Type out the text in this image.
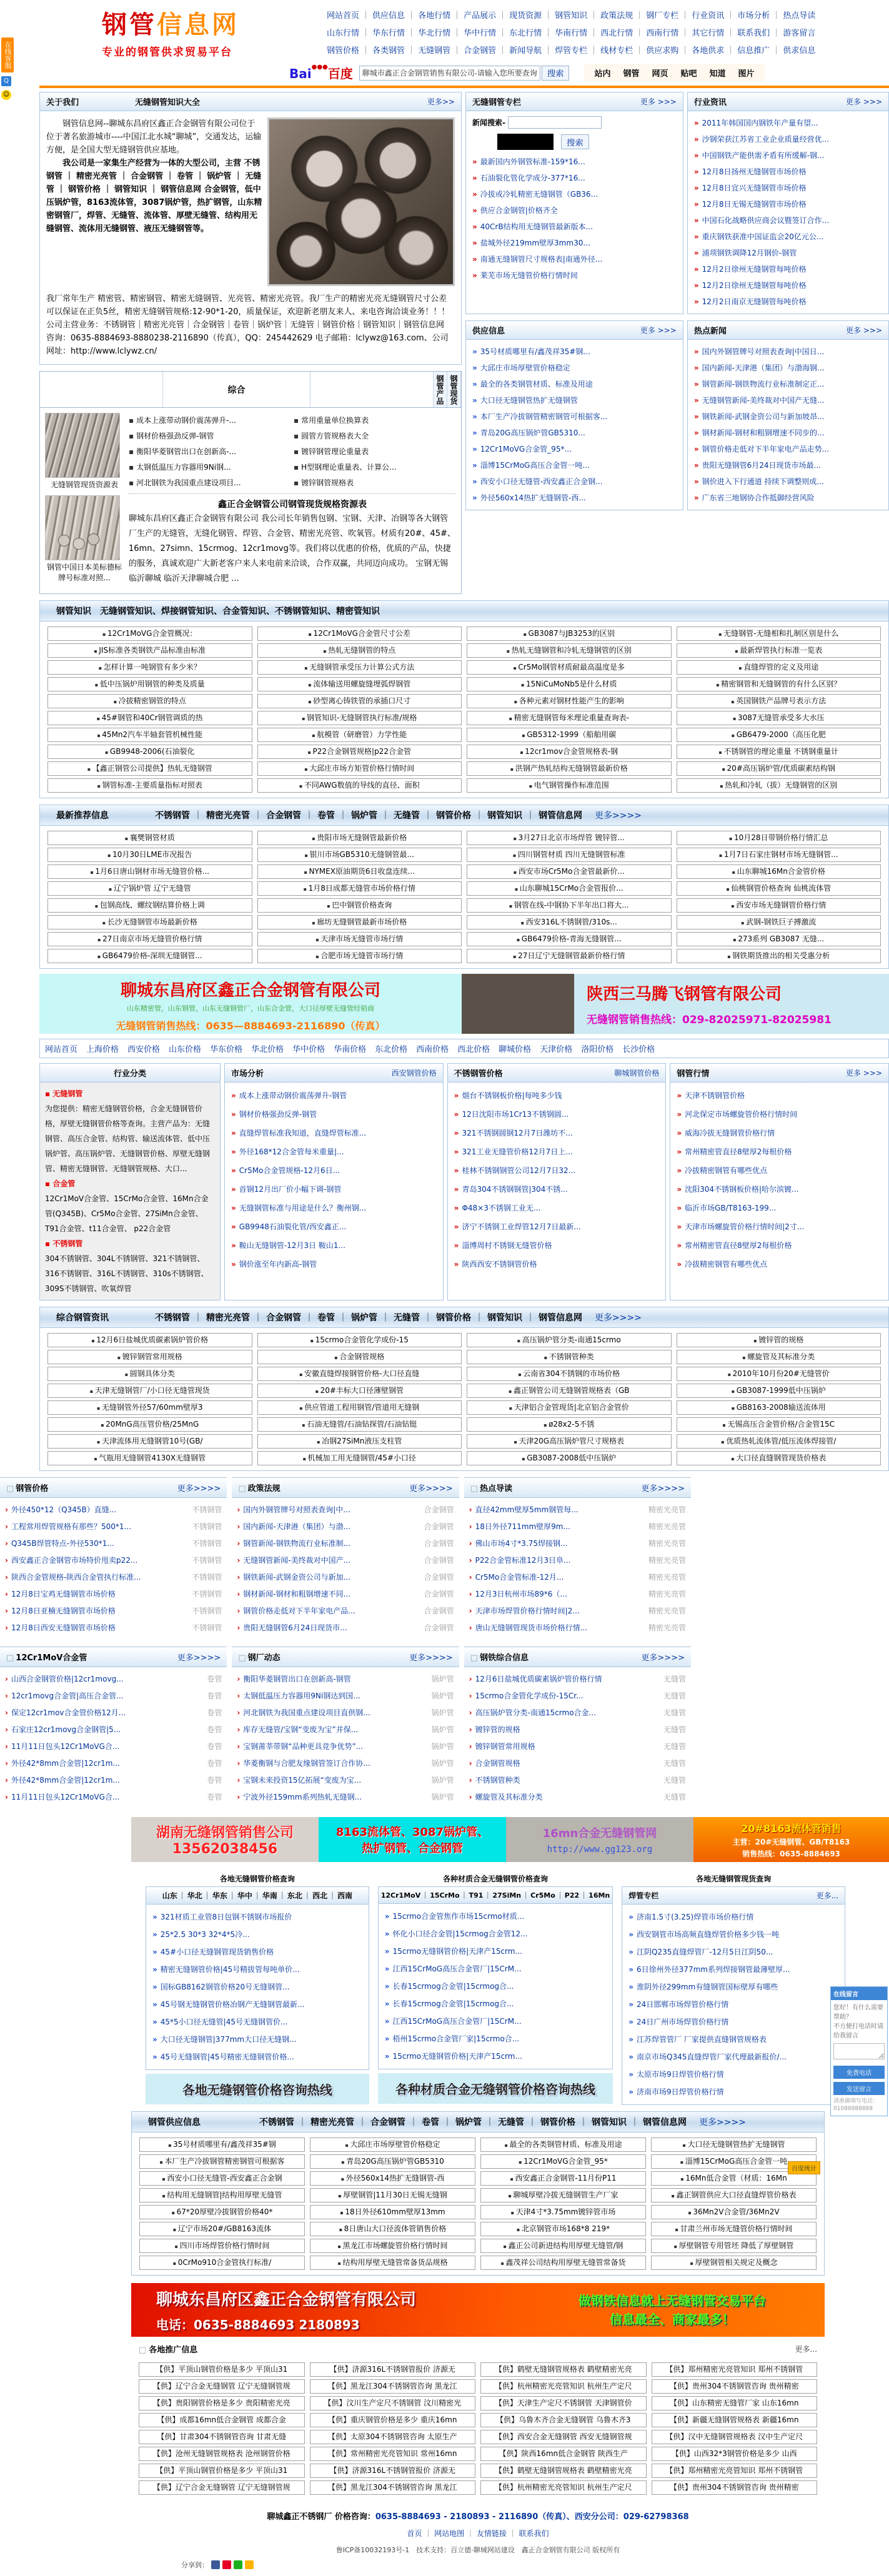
在线客服
Q
☺
钢管信息网
专业的钢管供求贸易平台
网站首页 ｜ 供应信息 ｜ 各地行情 ｜ 产品展示 ｜ 现货资源 ｜ 钢管知识 ｜ 政策法规 ｜ 钢厂专栏 ｜ 行业资讯 ｜ 市场分析 ｜ 热点导读
山东行情 ｜ 华东行情 ｜ 华北行情 ｜ 华中行情 ｜ 东北行情 ｜ 华南行情 ｜ 西北行情 ｜ 西南行情 ｜ 其它行情 ｜ 联系我们 ｜ 游客留言
钢管价格 ｜ 各类钢管 ｜ 无缝钢管 ｜ 合金钢管 ｜ 新闻导航 ｜ 焊管专栏 ｜ 线材专栏 ｜ 供应求购 ｜ 各地供求 ｜ 信息推广 ｜ 供求信息
Bai●●●百度
聊城市鑫正合金钢管销售有限公司-请输入您所要查询的关键字	搜索	站内	钢管	网页	贴吧	知道	图片
关于我们	无缝钢管知识大全	更多>>

钢管信息网--聊城东昌府区鑫正合金钢管有限公司位于位于著名旅游城市----中国江北水城“聊城”，交通发达，运输方便，是全国大型无缝钢管供应基地。

我公司是一家集生产经营为一体的大型公司，主营 不锈钢管 ｜ 精密光亮管 ｜ 合金钢管 ｜ 卷管 ｜ 锅炉管 ｜ 无缝管 ｜ 钢管价格 ｜ 钢管知识 ｜ 钢管信息网 合金钢管，低中压锅炉管，8163流体管，3087锅炉管，热扩钢管，山东精密钢管厂，焊管、无缝管、流体管、厚壁无缝管、结构用无缝钢管、流体用无缝钢管、液压无缝钢管等。

我厂常年生产 精密管、精密钢管、精密无缝钢管、光亮管、精密光亮管。我厂生产的精密光亮无缝钢管尺寸公差可以保证在正负5丝，精密无缝钢管规格:12-90*1-20，质量保证，欢迎新老朋友来人、来电咨询洽谈业务！！！

公司主营业务：不锈钢管｜精密光亮管｜合金钢管｜卷管｜锅炉管｜无缝管｜钢管价格｜钢管知识｜钢管信息网 咨询：0635-8884693-8880238-2116890（传真），QQ：245442629 电子邮箱：lclywz@163.com、公司网址：http://www.lclywz.cn/

综合	钢管产品 钢管现货
无缝钢管现货资源表
钢管中国日本美标德标牌号标准对照...
▪ 成本上涨带动钢价震荡弹升-...
▪ 钢材价格强劲反弹-钢管
▪ 衡阳华菱钢管出口在创新高-...
▪ 太钢低温压力容器用9Ni钢...
▪ 河北钢铁为我国重点建设项目...
▪ 常用重量单位换算表
▪ 圆管方管规格表大全
▪ 镀锌钢管理论重量表
▪ H型钢理论重量表、计算公...
▪ 镀锌钢管规格表
鑫正合金钢管公司钢管现货规格资源表
聊城东昌府区鑫正合金钢管有限公司 我公司长年销售包钢、宝钢、天津、冶钢等各大钢管厂生产的无缝管，无缝化钢管、焊管、合金管、精密光亮管、吹氧管。材质有20#、45#、16mn、27simn、15crmog、12cr1movg等。我们将以优惠的价格，优质的产品，快捷的服务，真诚欢迎广大新老客户来人来电前来洽谈，合作双赢，共同迈向成功。 宝钢无锡临沂聊城 临沂天津聊城合肥 ...
无缝钢管专栏	更多 >>>
新闻搜索-
搜索
» 最新国内外钢管标准-159*16...
» 石油裂化管化学成分-377*16...
» 冷拔或冷轧精密无缝钢管（GB36...
» 供应合金钢管|价格齐全
» 40CrB结构用无缝钢管最新版本...
» 盐城外径219mm壁厚3mm30...
» 南通无缝钢管尺寸规格表|南通外径...
» 莱芜市场无缝管价格行情时间
行业资讯	更多 >>>
» 2011年韩国国内钢铁年产量有望...
» 沙钢荣获江苏省工业企业质量经营优...
» 中国钢铁产能供需矛盾有所缓解-钢...
» 12月8日扬州无缝钢管市场价格
» 12月8日宜兴无缝钢管市场价格
» 12月8日无锡无缝钢管市场价格
» 中国石化战略供应商会议暨签订合作...
» 重庆钢铁获准中国证监会20亿元公...
» 浦项钢铁调降12月钢价-钢管
» 12月2日徐州无缝钢管每吨价格
» 12月2日徐州无缝钢管每吨价格
» 12月2日南京无缝钢管每吨价格
供应信息	更多 >>>
» 35号材质哪里有/鑫茂祥35#钢...
» 大邱庄市场厚壁管价格稳定
» 最全的各类钢管材质、标准及用途
» 大口径无缝钢管热扩无缝钢管
» 本厂生产冷拔钢管精密钢管可根据客...
» 青岛20G高压锅炉管GB5310...
» 12Cr1MoVG合金管_95*...
» 淄博15CrMoG高压合金管一吨...
» 西安小口径无缝管-西安鑫正合金钢...
» 外径560x14热扩无缝钢管-西...
热点新闻	更多 >>>
» 国内外钢管牌号对照表查询|中国日...
» 国内新闻-天津港（集团）与渤海钢...
» 钢管新闻-钢铁物流行业标准制定正...
» 无缝钢管新闻-美终裁对中国产无缝...
» 钢铁新闻-武钢金资公司与新加坡昂...
» 钢材新闻-钢材和粗钢增速不同步的...
» 钢管价格走低对下半年家电产品走势...
» 贵阳无缝钢管6月24日现货市场最...
» 钢价进入下行通道 持续下调整则成...
» 广东省三地钢协合作抵御经营风险
钢管知识 无缝钢管知识、焊接钢管知识、合金管知识、不锈钢管知识、精密管知识
▪ 12Cr1MoVG合金管概况：	▪ 12Cr1MoVG合金管尺寸公差	▪ GB3087与JB3253的区别	▪ 无缝钢管-无缝相和扎制区别是什么
▪ JIS标准各类钢铁产品标准由标准	▪ 热轧无缝钢管的特点	▪ 热轧无缝钢管和冷轧无缝钢管的区别	▪ 最新焊管执行标准一览表
▪ 怎样计算一吨钢管有多少米？	▪ 无缝钢管承受压力计算公式方法	▪ Cr5Mo钢管材质耐最高温度是多	▪ 直缝焊管的定义及用途
▪ 低中压锅炉用钢管的种类及质量	▪ 流体输送用螺旋缝埋弧焊钢管	▪ 15NiCuMoNb5是什么材质	▪ 精密钢管和无缝钢管的有什么区别？
▪ 冷拔精密钢管的特点	▪ 砂型离心铸铁管的承插口尺寸	▪ 各种元素对钢材性能产生的影响	▪ 英国钢铁产品牌号表示方法
▪ 45#钢管和40Cr钢管调质的热	▪ 钢管知识-无缝钢管执行标准/规格	▪ 精密无缝钢管每米理论重量查询表-	▪ 3087无缝管承受多大水压
▪ 45Mn2汽车半轴套管机械性能	▪ 航模管（研磨管）力学性能	▪ GB5312-1999（船舶用碳	▪ GB6479-2000（高压化肥
▪ GB9948-2006(石油裂化	▪ P22合金钢管规格|p22合金管	▪ 12cr1mov合金管规格表-钢	▪ 不锈钢管的理论重量 不锈钢重量计
▪ 【鑫正钢管公司提供】热轧无缝钢管	▪ 大邱庄市场方矩管价格行情时间	▪ 洪钢产热轧结构无缝钢管最新价格	▪ 20#高压锅炉管/优质碳素结构钢
▪ 钢管标准-主要质量指标对照表	▪ 不同AWG数值的导线的直径、面积	▪ 电气钢管操作标准范围	▪ 热轧和冷轧（拔）无缝钢管的区别
最新推荐信息	不锈钢管	｜ 精密光亮管	｜ 合金钢管	｜ 卷管	｜ 锅炉管	｜ 无缝管	｜ 钢管价格	｜ 钢管知识	｜ 钢管信息网 更多>>>>
▪ 襄樊钢管材质	▪ 贵阳市场无缝钢管最新价格	▪ 3月27日北京市场焊管 镀锌管...	▪ 10月28日带钢价格行情汇总
▪ 10月30日LME市况报告	▪ 银川市场GB5310无缝钢管最...	▪ 四川钢管材质 四川无缝钢管标准	▪ 1月7日石家庄钢材市场无缝钢管...
▪ 1月6日唐山钢材市场无缝管价格...	▪ NYMEX原油期货6日收盘连续...	▪ 西安市场Cr5Mo合金管最新价...	▪ 山东聊城16Mn合金管价格
▪ 辽宁锅炉管 辽宁无缝管	▪ 1月8日成都无缝管市场价格行情	▪ 山东聊城15CrMo合金管报价...	▪ 仙桃钢管价格查询 仙桃流体管
▪ 包钢高线、螺纹钢结算价格上调	▪ 巴中钢管价格查询	▪ 钢管在线-中钢协下半年出口将大...	▪ 西安市场无缝钢管价格行情
▪ 长沙无缝钢管市场最新价格	▪ 廊坊无缝钢管最新市场价格	▪ 西安316L不锈钢管/310s...	▪ 武钢-钢铁巨子搏激流
▪ 27日南京市场无缝管价格行情	▪ 天津市场无缝管市场行情	▪ GB6479价格-青海无缝钢管...	▪ 273系列 GB3087 无缝...
▪ GB6479价格-深圳无缝钢管...	▪ 合肥市场无缝管市场行情	▪ 27日辽宁无缝钢管最新价格行情	▪ 钢铁期货推出的相关受惠分析
聊城东昌府区鑫正合金钢管有限公司
山东精密管，山东钢管，山东无缝钢管厂，山东合金管，大口径厚壁无缝管经销商
无缝钢管销售热线：0635—8884693-2116890（传真）
陕西三马腾飞钢管有限公司
无缝钢管销售热线：029-82025971-82025981
网站首页 上海价格 西安价格 山东价格 华东价格 华北价格 华中价格 华南价格 东北价格 西南价格 西北价格 聊城价格 天津价格 洛阳价格 长沙价格
行业分类
▪ 无缝钢管
为您提供：精密无缝钢管价格，合金无缝钢管价格，厚壁无缝钢管价格等查询。主营产品为：无缝钢管、高压合金管、结构管、输送流体管、低中压锅炉管、高压锅炉管、无缝钢管价格、厚壁无缝钢管、精密无缝钢管、无缝钢管规格、大口...
▪ 合金管
12Cr1MoV合金管、15CrMo合金管、16Mn合金管(Q345B)、Cr5Mo合金管、27SiMn合金管、T91合金管、t11合金管、 p22合金管
▪ 不锈钢管
304不锈钢管、304L不锈钢管、321不锈钢管、316不锈钢管、316L不锈钢管、310s不锈钢管、309S不锈钢管、吹氧焊管
市场分析	西安钢管价格
» 成本上涨带动钢价震荡弹升-钢管
» 钢材价格强劲反弹-钢管
» 直缝焊管标准我知道，直缝焊管标准...
» 外径168*12合金管每米重量|...
» Cr5Mo合金管规格-12月6日...
» 首钢12月出厂价小幅下调-钢管
» 无缝钢管标准与用途是什么？衡州钢...
» GB9948石油裂化管/西安鑫正...
» 鞍山无缝钢管-12月3日 鞍山1...
» 钢价涨至年内新高-钢管
不锈钢管价格	聊城钢管价格
» 烟台不锈钢板价格|每吨多少钱
» 12日沈阳市场1Cr13不锈钢圆...
» 321不锈钢圆钢12月7日潍坊不...
» 321工业无缝管价格12月7日上...
» 桂林不锈钢钢管公司12月7日32...
» 青岛304不锈钢钢管|304不锈...
» Φ48×3不锈钢工业无...
» 济宁不锈钢工业焊管12月7日最新...
» 淄博周村不锈钢无缝管价格
» 陕西西安不锈钢管价格
钢管行情	更多 >>>
» 天津不锈钢管价格
» 河北保定市场螺旋管价格行情时间
» 威海冷拔无缝钢管价格行情
» 常州精密管直径8壁厚2每根价格
» 冷拔精密钢管有哪些优点
» 沈阳304不锈钢板价格|哈尔滨镀...
» 临沂市场GB/T8163-199...
» 天津市场螺旋管价格行情时间|2寸...
» 常州精密管直径8壁厚2每根价格
» 冷拔精密钢管有哪些优点
综合钢管资讯	不锈钢管	｜ 精密光亮管	｜ 合金钢管	｜ 卷管	｜ 锅炉管	｜ 无缝管	｜ 钢管价格	｜ 钢管知识	｜ 钢管信息网 更多>>>>
▪ 12月6日盐城优质碳素锅炉管价格	▪ 15crmo合金管化学成份-15	▪ 高压锅炉管分类-南通15crmo	▪ 镀锌管的规格
▪ 镀锌钢管常用规格	▪ 合金钢管规格	▪ 不锈钢管种类	▪ 螺旋管及其标准分类
▪ 圆钢具体分类	▪ 安徽直缝焊接钢管价格-大口径直缝	▪ 云南省304不锈钢的市场价格	▪ 2010年10月份20#无缝管价
▪ 天津无缝钢管厂/小口径无缝管现货	▪ 20#丰标大口径薄壁钢管	▪ 鑫正钢管公司无缝钢管规格表（GB	▪ GB3087-1999低中压锅炉
▪ 无缝钢管外径57/60mm壁厚3	▪ 供应管道工程用钢管/管道用无缝钢	▪ 天津铝合金管现货|北京铝合金管价	▪ GB8163-2008输送流体用
▪ 20MnG高压管价格/25MnG	▪ 石油无缝管/石油钻探管/石油钻铤	▪ ø28x2-5不锈	▪ 无锡高压合金管价格/合金管15C
▪ 天津流体用无缝钢管10号(GB/	▪ 冶钢27SiMn液压支柱管	▪ 天津20G高压锅炉管尺寸规格表	▪ 优质热轧流体管/低压流体焊接管/
▪ 气瓶用无缝钢管4130X无缝钢管	▪ 机械加工用无缝钢管/45#小口径	▪ GB3087-2008低中压锅炉	▪ 大口径直缝钢管现货价格表
□ 钢管价格	更多>>>>
› 外径450*12（Q345B）直缝...	不锈钢管
› 工程常用焊管规格有那些？500*1...	不锈钢管
› Q345B焊管特点-外径530*1...	不锈钢管
› 西安鑫正合金钢管市场特价甩卖p22...	不锈钢管
› 陕西合金管规格-陕西合金管执行标准...	不锈钢管
› 12月8日宝鸡无缝钢管市场价格	不锈钢管
› 12月8日亚楠无缝钢管市场价格	不锈钢管
› 12月8日西安无缝钢管市场价格	不锈钢管
□ 政策法规	更多>>>>
› 国内外钢管牌号对照表查询|中...	合金钢管
› 国内新闻-天津港（集团）与渤...	合金钢管
› 钢管新闻-钢铁物流行业标准制...	合金钢管
› 无缝钢管新闻-美终裁对中国产...	合金钢管
› 钢铁新闻-武钢金资公司与新加...	合金钢管
› 钢材新闻-钢材和粗钢增速不同...	合金钢管
› 钢管价格走低对下半年家电产品...	合金钢管
› 贵阳无缝钢管6月24日现货市...	合金钢管
□ 热点导读	更多>>>>
› 直径42mm壁厚5mm钢管每...	精密光亮管
› 18日外径711mm壁厚9m...	精密光亮管
› 佛山市场4寸*3.75焊接钢...	精密光亮管
› P22合金管标准12月3日阜...	精密光亮管
› Cr5Mo合金管标准-12月...	精密光亮管
› 12月3日杭州市场89*6（...	精密光亮管
› 天津市场焊管价格行情时间|2...	精密光亮管
› 唐山无缝钢管现货市场价格行情...	精密光亮管
□ 12Cr1MoV合金管	更多>>>>
› 山西合金钢管价格|12cr1movg...	卷管
› 12cr1movg合金管|高压合金管...	卷管
› 保定12cr1mov合金管价格12月...	卷管
› 石家庄12cr1movg合金钢管|5...	卷管
› 11月11日包头12Cr1MoVG合...	卷管
› 外径42*8mm合金管|12cr1m...	卷管
› 外径42*8mm合金管|12cr1m...	卷管
› 11月11日包头12Cr1MoVG合...	卷管
□ 钢厂动态	更多>>>>
› 衡阳华菱钢管出口在创新高-钢管	锅炉管
› 太钢低温压力容器用9Ni钢达到国...	锅炉管
› 河北钢铁为我国重点建设项目直供钢...	锅炉管
› 库存无缝管/宝钢“变废为宝”并保...	锅炉管
› 宝钢莆莘带钢“品种更具竞争优势”...	锅炉管
› 华菱衡钢与合肥友缘钢管签订合作协...	锅炉管
› 宝钢未来投资15亿拓展“变废为宝...	锅炉管
› 宁波外径159mm系列热轧无缝钢...	锅炉管
□ 钢铁综合信息	更多>>>>
› 12月6日盐城优质碳素锅炉管价格行情	无缝管
› 15crmo合金管化学成份-15Cr...	无缝管
› 高压锅炉管分类-南通15crmo合金...	无缝管
› 镀锌管的规格	无缝管
› 镀锌钢管常用规格	无缝管
› 合金钢管规格	无缝管
› 不锈钢管种类	无缝管
› 螺旋管及其标准分类	无缝管
湖南无缝钢管销售公司
13562038456
8163流体管、3087锅炉管、
热扩钢管、合金钢管
16mn合金无缝钢管网
http://www.gg123.org
20#8163流体管销售
主营：20#无缝钢管、GB/T8163
销售热线：0635-8884693
各地无缝钢管价格查询
山东 ｜ 华北 ｜ 华东 ｜ 华中 ｜ 华南 ｜ 东北 ｜ 西北 ｜ 西南
» 321材质工业管8日包钢不锈钢市场报价
» 25*2.5 30*3 32*4*5冷...
» 45#小口径无缝钢管现货销售价格
» 精密无缝钢管价格|45号精拔管每吨单价...
» 国标GB8162钢管价格20号无缝钢管...
» 45号钢无缝钢管价格冶钢产无缝钢管最新...
» 45*5小口径无缝管|45号无缝钢管价...
» 大口径无缝钢管|377mm大口径无缝钢...
» 45号无缝钢管|45号精密无缝钢管价格...
各地无缝钢管价格咨询热线
各种材质合金无缝钢管价格查询
12Cr1MoV ｜ 15CrMo ｜ T91 ｜ 27SiMn ｜ Cr5Mo ｜ P22 ｜ 16Mn
» 15crmo合金管焦作市场15crmo材质...
» 怀化小口径合金管|15crmog合金管12...
» 15crmo无缝钢管价格|天津产15crm...
» 江西15CrMoG高压合金管厂|15CrM...
» 长春15crmog合金管|15crmog合...
» 长春15crmog合金管|15crmog合...
» 江西15CrMoG高压合金管厂|15CrM...
» 梧州15crmo合金管厂家|15crmo合...
» 15crmo无缝钢管价格|天津产15crm...
各种材质合金无缝钢管价格咨询热线
各地无缝钢管现货查询
焊管专栏	更多...
» 济南1.5寸(3.25)焊管市场价格行情
» 西安钢管市场高频直缝焊管价格多少钱一吨
» 江阴Q235直缝焊管厂-12月5日江阴50...
» 6日徐州外径377mm系列焊接钢管最薄壁厚...
» 淮阴外径299mm有缝钢管国标壁厚有哪些
» 24日邯郸市场焊管价格行情
» 24日广州市场焊管价格行情
» 江苏焊管管厂 厂家提供直缝钢管规格表
» 南京市场Q345直缝焊管厂家代理最新报价/...
» 太原市场9日焊管价格行情
» 济南市场9日焊管价格行情
钢管供应信息	不锈钢管	｜ 精密光亮管	｜ 合金钢管	｜ 卷管	｜ 锅炉管	｜ 无缝管	｜ 钢管价格	｜ 钢管知识	｜ 钢管信息网 更多>>>>
▪ 35号材质哪里有/鑫茂祥35#钢	▪ 大邱庄市场厚壁管价格稳定	▪ 最全的各类钢管材质、标准及用途	▪ 大口径无缝钢管热扩无缝钢管
▪ 本厂生产冷拔钢管精密钢管可根据客	▪ 青岛20G高压锅炉管GB5310	▪ 12Cr1MoVG合金管_95*	▪ 淄博15CrMoG高压合金管一吨
▪ 西安小口径无缝管-西安鑫正合金钢	▪ 外径560x14热扩无缝钢管-西	▪ 西安鑫正合金钢管-11月份P11	▪ 16Mn低合金管（材质：16Mn
▪ 结构用无缝钢管|结构用厚壁无缝管	▪ 厚壁钢管|11月30日无锡无缝钢	▪ 聊城厚壁冷拔无缝钢管生产厂家	▪ 鑫正钢管供应大口径直缝焊管价格表
▪ 67*20厚壁冷拔钢管价格40*	▪ 18日外径610mm壁厚13mm	▪ 天津4寸*3.75mm镀锌管市场	▪ 36Mn2V合金管/36Mn2V
▪ 辽宁市场20#/GB8163流体	▪ 8日唐山大口径流体管销售价格	▪ 北京钢管市场168*8 219*	▪ 甘肃兰州市场无缝管价格行情时间
▪ 四川市场焊管价格行情时间	▪ 黑龙江市场螺旋管价格行情时间	▪ 鑫正公司新进结构用厚壁无缝管/钢	▪ 厚壁钢管专用管坯 降低了厚壁钢管
▪ 0CrMo910合金管执行标准/	▪ 结构用厚壁无缝管常备货品规格	▪ 鑫茂祥公司结构用厚壁无缝管常备货	▪ 厚壁钢管相关规定及概念
聊城东昌府区鑫正合金钢管有限公司
电话：0635-8884693 2180893
做钢铁信息就上无缝钢管交易平台
信息最全、商家最多！
□ 各地推广信息	更多...
【供】平顶山钢管价格是多少 平顶山31	【供】济源316L不锈钢管报价 济源无	【供】鹤壁无缝钢管规格表 鹤壁精密光亮	【供】郑州精密光亮管知识 郑州不锈钢管
【供】辽宁合金无缝钢管 辽宁无缝钢管规	【供】黑龙江304不锈钢管咨询 黑龙江	【供】杭州精密光亮管知识 杭州生产定尺	【供】贵州304不锈钢管咨询 贵州精密
【供】贵阳钢管价格是多少 贵阳精密光亮	【供】汶川生产定尺不锈钢管 汶川精密光	【供】天津生产定尺不锈钢管 天津钢管价	【供】山东精密无缝管厂家 山东16mn
【供】成都16mn低合金钢管 成都合金	【供】重庆钢管价格是多少 重庆16mn	【供】乌鲁木齐合金无缝钢管 乌鲁木齐3	【供】新疆无缝钢管规格表 新疆16mn
【供】甘肃304不锈钢管咨询 甘肃无缝	【供】太原304不锈钢管咨询 太原生产	【供】西安合金无缝钢管 西安无缝钢管规	【供】汉中无缝钢管规格表 汉中生产定尺
【供】沧州无缝钢管规格表 沧州钢管价格	【供】常州精密光亮管知识 常州16mn	【供】陕西16mn低合金钢管 陕西生产	【供】山西32*3钢管价格是多少 山西
【供】平顶山钢管价格是多少 平顶山31	【供】济源316L不锈钢管报价 济源无	【供】鹤壁无缝钢管规格表 鹤壁精密光亮	【供】郑州精密光亮管知识 郑州不锈钢管
【供】辽宁合金无缝钢管 辽宁无缝钢管规	【供】黑龙江304不锈钢管咨询 黑龙江	【供】杭州精密光亮管知识 杭州生产定尺	【供】贵州304不锈钢管咨询 贵州精密
聊城鑫正不锈钢厂 价格咨询：0635-8884693 - 2180893 - 2116890（传真）、西安分公司：029-62798368
首页 ｜ 网站地图 ｜ 友情链接 ｜ 联系我们
鲁ICP备10032193号-1　技术支持：百立德·聊城网站建设　鑫正合金钢管有限公司 版权所有
分享到：
在线留言
您好！有什么需要帮助？
不方便打电话时请给我留言
免费电话
发送留言
请准确填写电话：01088888888
百度统计
